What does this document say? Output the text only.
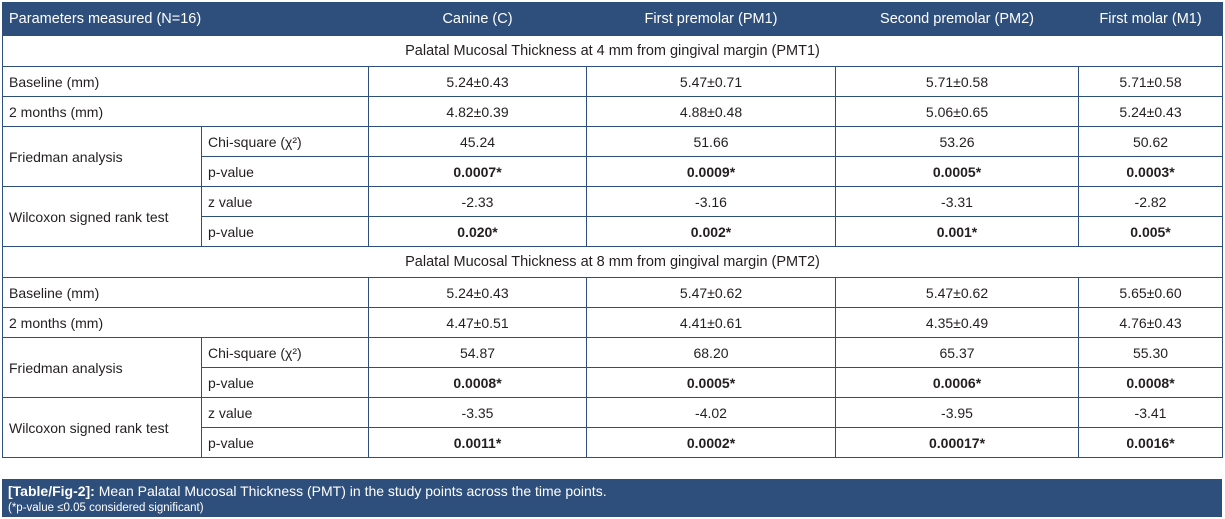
Parameters measured (N=16)		Canine (C)	First premolar (PM1)	Second premolar (PM2)	First molar (M1)
Palatal Mucosal Thickness at 4 mm from gingival margin (PMT1)					
Baseline (mm)		5.24±0.43	5.47±0.71	5.71±0.58	5.71±0.58
2 months (mm)		4.82±0.39	4.88±0.48	5.06±0.65	5.24±0.43
Friedman analysis	Chi-square (χ²)	45.24	51.66	53.26	50.62
	p-value	0.0007*	0.0009*	0.0005*	0.0003*
Wilcoxon signed rank test	z value	-2.33	-3.16	-3.31	-2.82
	p-value	0.020*	0.002*	0.001*	0.005*
Palatal Mucosal Thickness at 8 mm from gingival margin (PMT2)					
Baseline (mm)		5.24±0.43	5.47±0.62	5.47±0.62	5.65±0.60
2 months (mm)		4.47±0.51	4.41±0.61	4.35±0.49	4.76±0.43
Friedman analysis	Chi-square (χ²)	54.87	68.20	65.37	55.30
	p-value	0.0008*	0.0005*	0.0006*	0.0008*
Wilcoxon signed rank test	z value	-3.35	-4.02	-3.95	-3.41
	p-value	0.0011*	0.0002*	0.00017*	0.0016*
[Table/Fig-2]: Mean Palatal Mucosal Thickness (PMT) in the study points across the time points.
(*p-value ≤0.05 considered significant)
